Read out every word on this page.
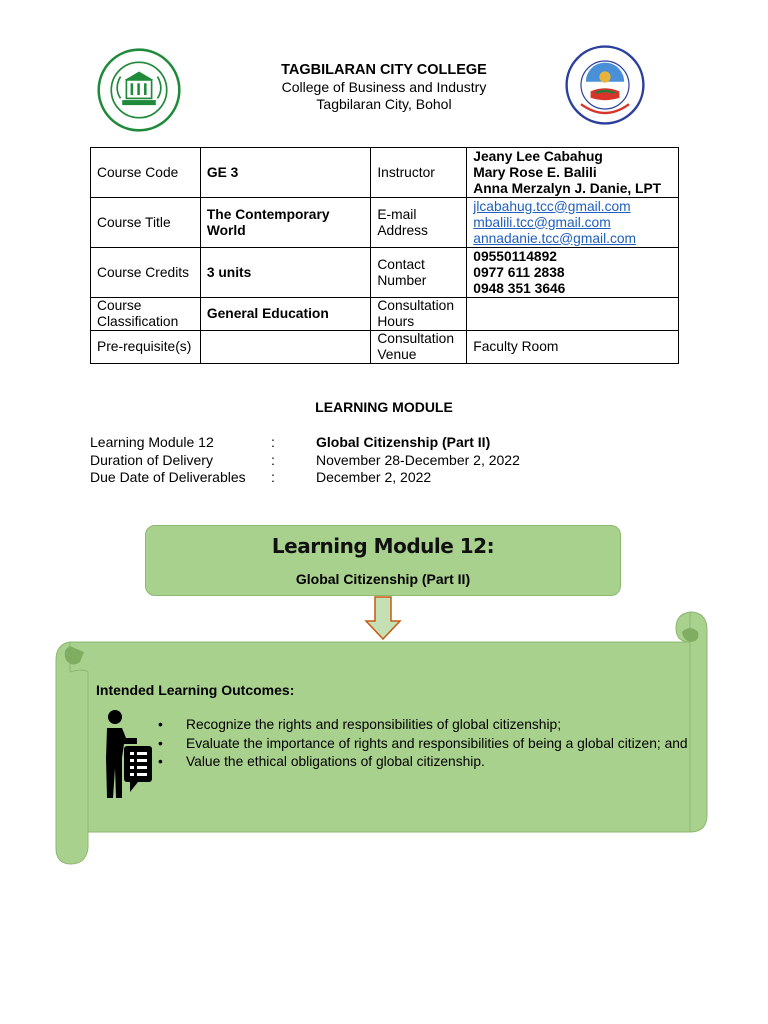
TAGBILARAN CITY COLLEGE
College of Business and Industry
Tagbilaran City, Bohol
Course Code	GE 3	Instructor	Jeany Lee Cabahug
Mary Rose E. Balili
Anna Merzalyn J. Danie, LPT

Course Title	The Contemporary World	E-mail Address	jlcabahug.tcc@gmail.com
mbalili.tcc@gmail.com
annadanie.tcc@gmail.com

Course Credits	3 units	Contact Number	09550114892
0977 611 2838
0948 351 3646

Course Classification	General Education	Consultation Hours	
Pre-requisite(s)		Consultation Venue	Faculty Room
LEARNING MODULE
Learning Module 12	:	Global Citizenship (Part II)
Duration of Delivery	:	November 28-December 2, 2022
Due Date of Deliverables :	December 2, 2022
Learning Module 12:
Global Citizenship (Part II)
Intended Learning Outcomes:
• Recognize the rights and responsibilities of global citizenship;
• Evaluate the importance of rights and responsibilities of being a global citizen; and
• Value the ethical obligations of global citizenship.
